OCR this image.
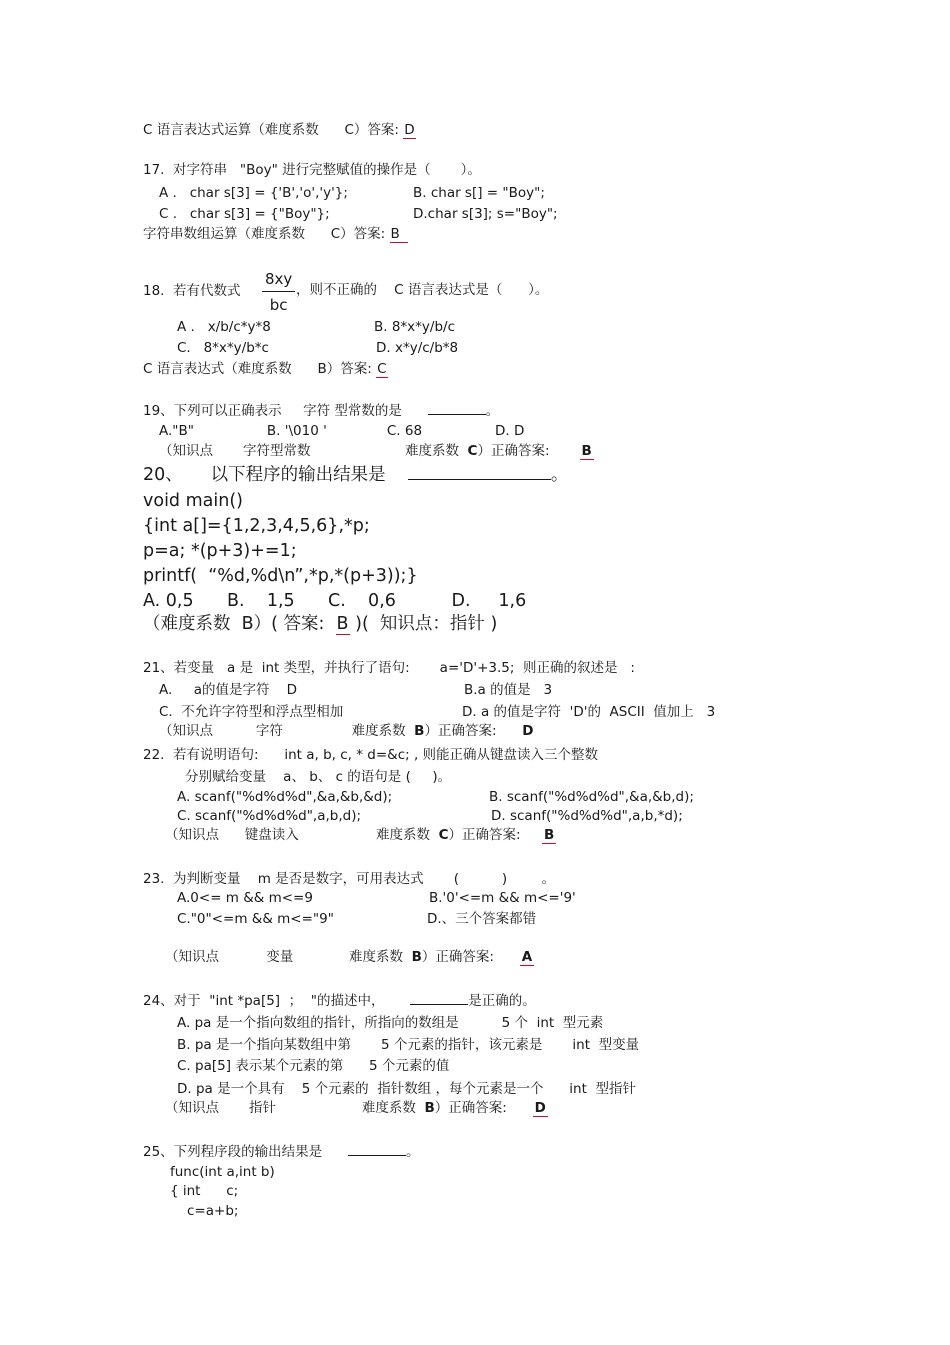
C 语言表达式运算（难度系数      C）答案: D
17.  对字符串   "Boy" 进行完整赋值的操作是（       ）。
A .   char s[3] = {'B','o','y'};	B. char s[] = "Boy";
C .   char s[3] = {"Boy"};	D.char s[3]; s="Boy";
字符串数组运算（难度系数      C）答案: B
18.  若有代数式 $\frac{8xy}{bc}$ ，则不正确的    C 语言表达式是（      ）。
A .   x/b/c*y*8	B. 8*x*y/b/c
C.   8*x*y/b*c	D. x*y/c/b*8
C 语言表达式（难度系数      B）答案: C
19、下列可以正确表示     字符 型常数的是	。
A."B"                 B. '\010 '              C. 68                 D. D
（知识点       字符型常数                      难度系数  C）正确答案:       B
20、     以下程序的输出结果是	。
void main()
{int a[]={1,2,3,4,5,6},*p;
p=a; *(p+3)+=1;
printf(  “%d,%d\n”,*p,*(p+3));}
A. 0,5      B.    1,5      C.    0,6          D.     1,6
（难度系数  B）( 答案:  B )(  知识点：指针 )
21、若变量   a 是  int 类型，并执行了语句:       a='D'+3.5;  则正确的叙述是   :
A.     a的值是字符    D	B.a 的值是   3
C.  不允许字符型和浮点型相加	D. a 的值是字符  'D'的  ASCII  值加上   3
（知识点          字符                难度系数  B）正确答案:      D
22.  若有说明语句:      int a, b, c, * d=&c; , 则能正确从键盘读入三个整数
分别赋给变量    a、 b、 c 的语句是 (     )。
A. scanf("%d%d%d",&a,&b,&d);	B. scanf("%d%d%d",&a,&b,d);
C. scanf("%d%d%d",a,b,d);	D. scanf("%d%d%d",a,b,*d);
（知识点      键盘读入                  难度系数  C）正确答案:     B
23.  为判断变量    m 是否是数字，可用表达式       (          )        。
A.0<= m && m<=9	B.'0'<=m && m<='9'
C."0"<=m && m<="9"	D.、三个答案都错
（知识点           变量             难度系数  B）正确答案:      A
24、对于  "int *pa[5]  ；  "的描述中，	是正确的。
A. pa 是一个指向数组的指针，所指向的数组是          5 个  int  型元素
B. pa 是一个指向某数组中第       5 个元素的指针，该元素是       int  型变量
C. pa[5] 表示某个元素的第      5 个元素的值
D. pa 是一个具有    5 个元素的  指针数组 ，每个元素是一个      int  型指针
（知识点       指针                    难度系数  B）正确答案:      D
25、下列程序段的输出结果是	。
func(int a,int b)
{ int      c;
c=a+b;
